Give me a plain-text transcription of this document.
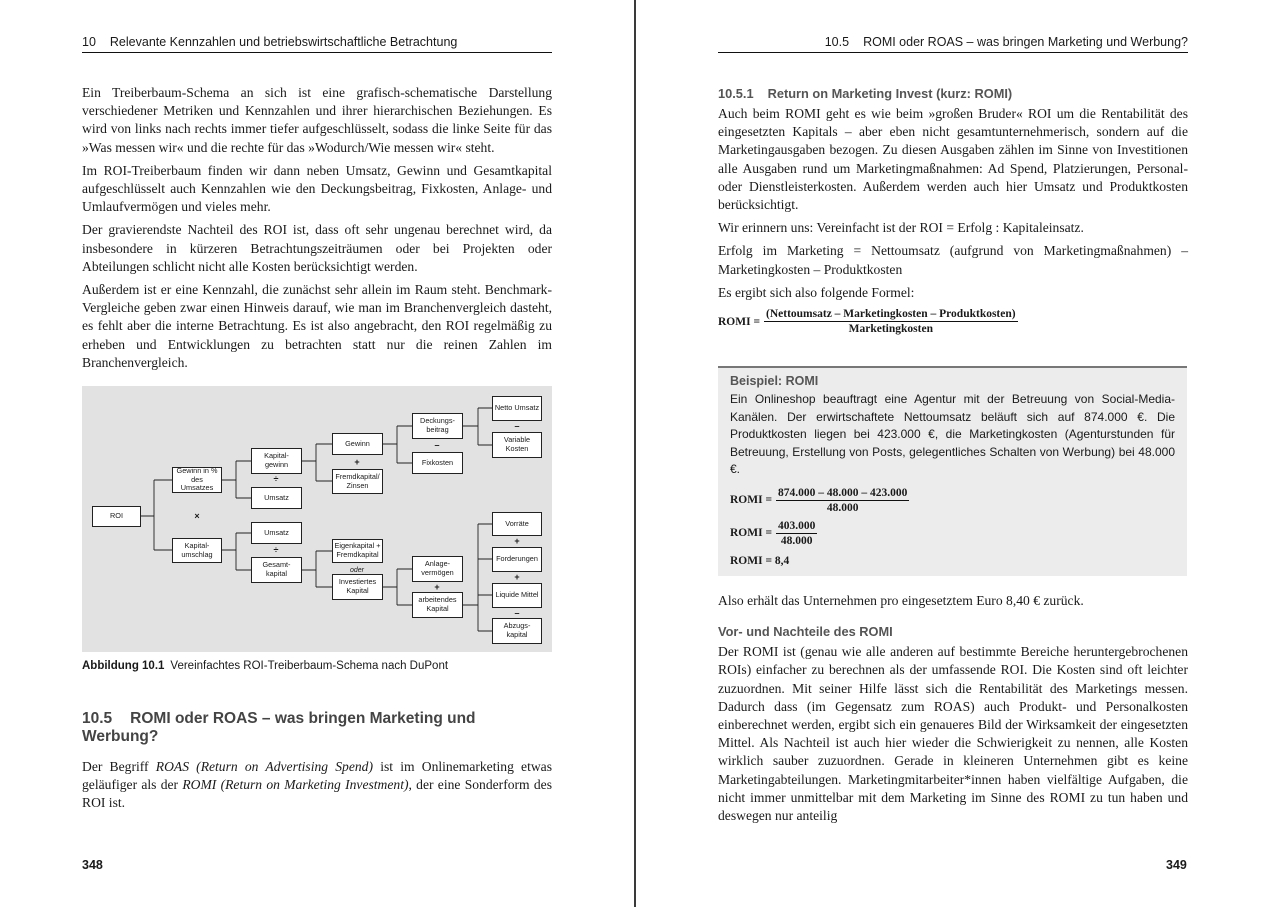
10 Relevante Kennzahlen und betriebswirtschaftliche Betrachtung

Ein Treiberbaum-Schema an sich ist eine grafisch-schematische Darstellung verschiedener Metriken und Kennzahlen und ihrer hierarchischen Beziehungen. Es wird von links nach rechts immer tiefer aufgeschlüsselt, sodass die linke Seite für das »Was messen wir« und die rechte für das »Wodurch/Wie messen wir« steht.

Im ROI-Treiberbaum finden wir dann neben Umsatz, Gewinn und Gesamtkapital aufgeschlüsselt auch Kennzahlen wie den Deckungsbeitrag, Fixkosten, Anlage- und Umlaufvermögen und vieles mehr.

Der gravierendste Nachteil des ROI ist, dass oft sehr ungenau berechnet wird, da insbesondere in kürzeren Betrachtungszeiträumen oder bei Projekten oder Abteilungen schlicht nicht alle Kosten berücksichtigt werden.

Außerdem ist er eine Kennzahl, die zunächst sehr allein im Raum steht. Benchmark-Vergleiche geben zwar einen Hinweis darauf, wie man im Branchenvergleich dasteht, es fehlt aber die interne Betrachtung. Es ist also angebracht, den ROI regelmäßig zu erheben und Entwicklungen zu betrachten statt nur die reinen Zahlen im Branchenvergleich.

ROI
Gewinn in % des Umsatzes
×
Kapital-umschlag
Kapital-gewinn
÷
Umsatz
Umsatz
÷
Gesamt-kapital
Gewinn
+
Fremdkapital/ Zinsen
Eigenkapital + Fremdkapital
oder
Investiertes Kapital
Deckungs-beitrag
–
Fixkosten
Anlage-vermögen
+
arbeitendes Kapital
Netto Umsatz
–
Variable Kosten
Vorräte
+
Forderungen
+
Liquide Mittel
–
Abzugs-kapital
Abbildung 10.1 Vereinfachtes ROI-Treiberbaum-Schema nach DuPont
10.5 ROMI oder ROAS – was bringen Marketing und Werbung?

Der Begriff ROAS (Return on Advertising Spend) ist im Onlinemarketing etwas geläufiger als der ROMI (Return on Marketing Investment), der eine Sonderform des ROI ist.

348
10.5 ROMI oder ROAS – was bringen Marketing und Werbung?
10.5.1 Return on Marketing Invest (kurz: ROMI)

Auch beim ROMI geht es wie beim »großen Bruder« ROI um die Rentabilität des eingesetzten Kapitals – aber eben nicht gesamtunternehmerisch, sondern auf die Marketingausgaben bezogen. Zu diesen Ausgaben zählen im Sinne von Investitionen alle Ausgaben rund um Marketingmaßnahmen: Ad Spend, Platzierungen, Personal- oder Dienstleisterkosten. Außerdem werden auch hier Umsatz und Produktkosten berücksichtigt.

Wir erinnern uns: Vereinfacht ist der ROI = Erfolg : Kapitaleinsatz.

Erfolg im Marketing = Nettoumsatz (aufgrund von Marketingmaßnahmen) – Marketingkosten – Produktkosten

Es ergibt sich also folgende Formel:

ROMI = $\frac{\text{(Nettoumsatz – Marketingkosten – Produktkosten)}}{\text{Marketingkosten}}$
Beispiel: ROMI

Ein Onlineshop beauftragt eine Agentur mit der Betreuung von Social-Media-Kanälen. Der erwirtschaftete Nettoumsatz beläuft sich auf 874.000 €. Die Produktkosten liegen bei 423.000 €, die Marketingkosten (Agenturstunden für Betreuung, Erstellung von Posts, gelegentliches Schalten von Werbung) bei 48.000 €.

ROMI = $\frac{874.000 - 48.000 - 423.000}{48.000}$
ROMI = $\frac{403.000}{48.000}$
ROMI = 8,4

Also erhält das Unternehmen pro eingesetztem Euro 8,40 € zurück.

Vor- und Nachteile des ROMI

Der ROMI ist (genau wie alle anderen auf bestimmte Bereiche heruntergebrochenen ROIs) einfacher zu berechnen als der umfassende ROI. Die Kosten sind oft leichter zuzuordnen. Mit seiner Hilfe lässt sich die Rentabilität des Marketings messen. Dadurch dass (im Gegensatz zum ROAS) auch Produkt- und Personalkosten einberechnet werden, ergibt sich ein genaueres Bild der Wirksamkeit der eingesetzten Mittel. Als Nachteil ist auch hier wieder die Schwierigkeit zu nennen, alle Kosten wirklich sauber zuzuordnen. Gerade in kleineren Unternehmen gibt es keine Marketingabteilungen. Marketingmitarbeiter*innen haben vielfältige Aufgaben, die nicht immer unmittelbar mit dem Marketing im Sinne des ROMI zu tun haben und deswegen nur anteilig

349
